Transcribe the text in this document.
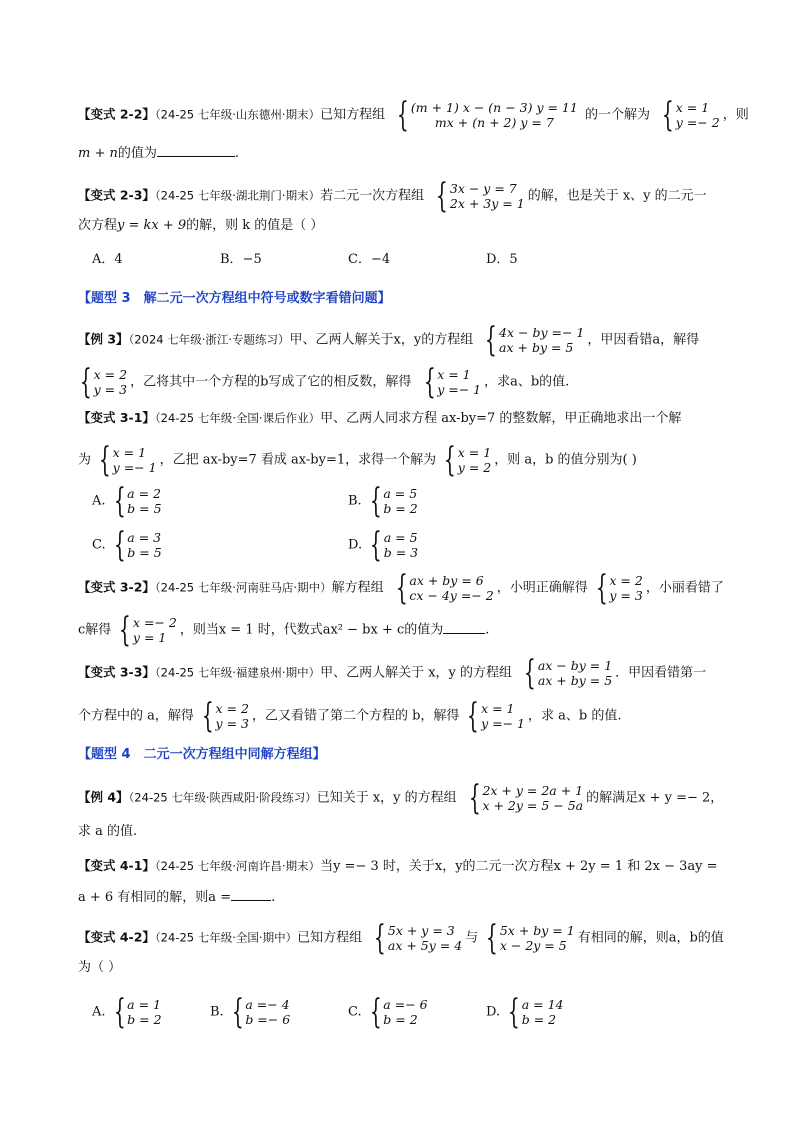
【变式 2-2】（24-25 七年级·山东德州·期末）已知方程组 { (m + 1) x − (n − 3) y = 11
mx + (n + 2) y = 7 的一个解为 { x = 1
y =− 2 ，则
m + n的值为	.
【变式 2-3】（24-25 七年级·湖北荆门·期末）若二元一次方程组 { 3x − y = 7
2x + 3y = 1 的解，也是关于 x、y 的二元一
次方程y = kx + 9的解，则 k 的值是（ ）
A．4	B．−5	C．−4	D．5
【题型 3　解二元一次方程组中符号或数字看错问题】
【例 3】（2024 七年级·浙江·专题练习）甲、乙两人解关于x，y的方程组 { 4x − by =− 1
ax + by = 5	，甲因看错a，解得
{ x = 2
y = 3 ，乙将其中一个方程的b写成了它的相反数，解得 { x = 1
y =− 1 ，求a、b的值.
【变式 3-1】（24-25 七年级·全国·课后作业）甲、乙两人同求方程 ax-by=7 的整数解，甲正确地求出一个解
为 { x = 1
y =− 1 ，乙把 ax-by=7 看成 ax-by=1，求得一个解为 { x = 1
y = 2 ，则 a，b 的值分别为( )
A. { a = 2
b = 5	B. { a = 5
b = 2
C. { a = 3
b = 5	D. { a = 5
b = 3
【变式 3-2】（24-25 七年级·河南驻马店·期中）解方程组 { ax + by = 6
cx − 4y =− 2 ，小明正确解得 { x = 2
y = 3 ，小丽看错了
c解得 { x =− 2
y = 1	，则当x = 1 时，代数式ax² − bx + c的值为	.
【变式 3-3】（24-25 七年级·福建泉州·期中）甲、乙两人解关于 x，y 的方程组 { ax − by = 1
ax + by = 5 ．甲因看错第一
个方程中的 a，解得 { x = 2
y = 3 ，乙又看错了第二个方程的 b，解得 { x = 1
y =− 1 ，求 a、b 的值.
【题型 4　二元一次方程组中同解方程组】
【例 4】（24-25 七年级·陕西咸阳·阶段练习）已知关于 x，y 的方程组 { 2x + y = 2a + 1
x + 2y = 5 − 5a 的解满足x + y =− 2，
求 a 的值.
【变式 4-1】（24-25 七年级·河南许昌·期末）当y =− 3 时，关于x，y的二元一次方程x + 2y = 1 和 2x − 3ay =
a + 6 有相同的解，则a =	.
【变式 4-2】（24-25 七年级·全国·期中）已知方程组 { 5x + y = 3
ax + 5y = 4 与 { 5x + by = 1
x − 2y = 5 有相同的解，则a，b的值
为（ ）
A. { a = 1
b = 2	B. { a =− 4
b =− 6	C. { a =− 6
b = 2	D. { a = 14
b = 2
